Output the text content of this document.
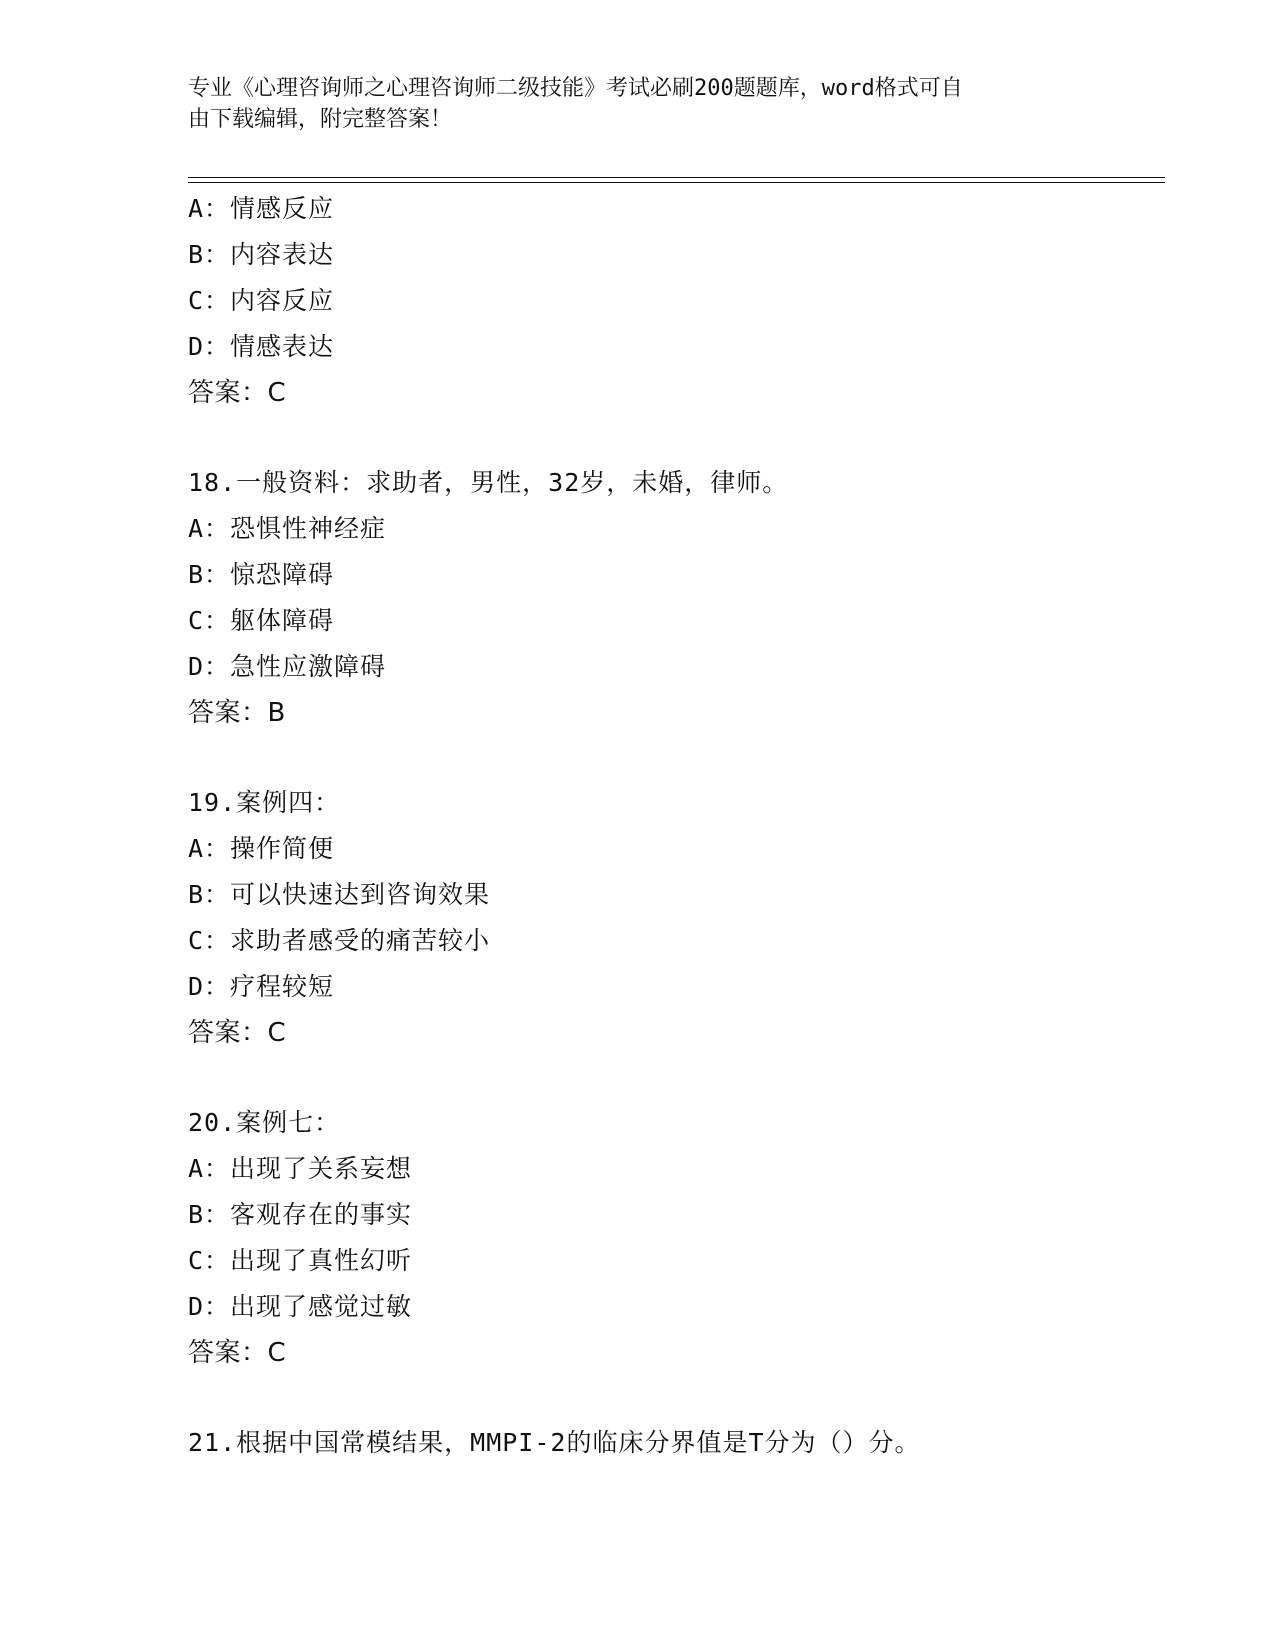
专业《心理咨询师之心理咨询师二级技能》考试必刷200题题库，word格式可自
由下载编辑，附完整答案！
A：情感反应
B：内容表达
C：内容反应
D：情感表达
答案：C
18.一般资料：求助者，男性，32岁，未婚，律师。
A：恐惧性神经症
B：惊恐障碍
C：躯体障碍
D：急性应激障碍
答案：B
19.案例四：
A：操作简便
B：可以快速达到咨询效果
C：求助者感受的痛苦较小
D：疗程较短
答案：C
20.案例七：
A：出现了关系妄想
B：客观存在的事实
C：出现了真性幻听
D：出现了感觉过敏
答案：C
21.根据中国常模结果，MMPI-2的临床分界值是T分为（）分。
